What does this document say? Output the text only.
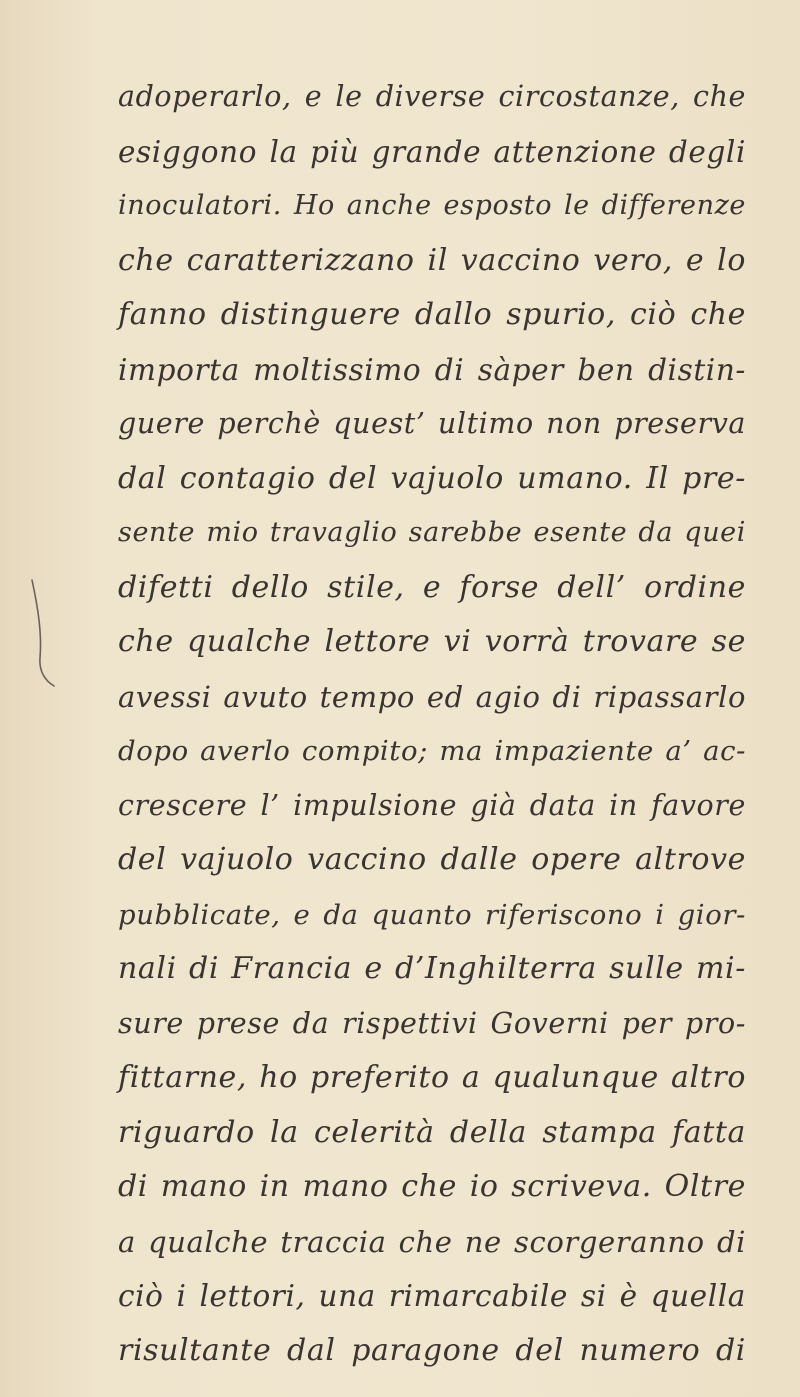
adoperarlo, e le diverse circostanze, che
esiggono la più grande attenzione degli
inoculatori. Ho anche esposto le differenze
che caratterizzano il vaccino vero, e lo
fanno distinguere dallo spurio, ciò che
importa moltissimo di sàper ben distin-
guere perchè quest’ ultimo non preserva
dal contagio del vajuolo umano. Il pre-
sente mio travaglio sarebbe esente da quei
difetti dello stile, e forse dell’ ordine
che qualche lettore vi vorrà trovare se
avessi avuto tempo ed agio di ripassarlo
dopo averlo compito; ma impaziente a’ ac-
crescere l’ impulsione già data in favore
del vajuolo vaccino dalle opere altrove
pubblicate, e da quanto riferiscono i gior-
nali di Francia e d’Inghilterra sulle mi-
sure prese da rispettivi Governi per pro-
fittarne, ho preferito a qualunque altro
riguardo la celerità della stampa fatta
di mano in mano che io scriveva. Oltre
a qualche traccia che ne scorgeranno di
ciò i lettori, una rimarcabile si è quella
risultante dal paragone del numero di
